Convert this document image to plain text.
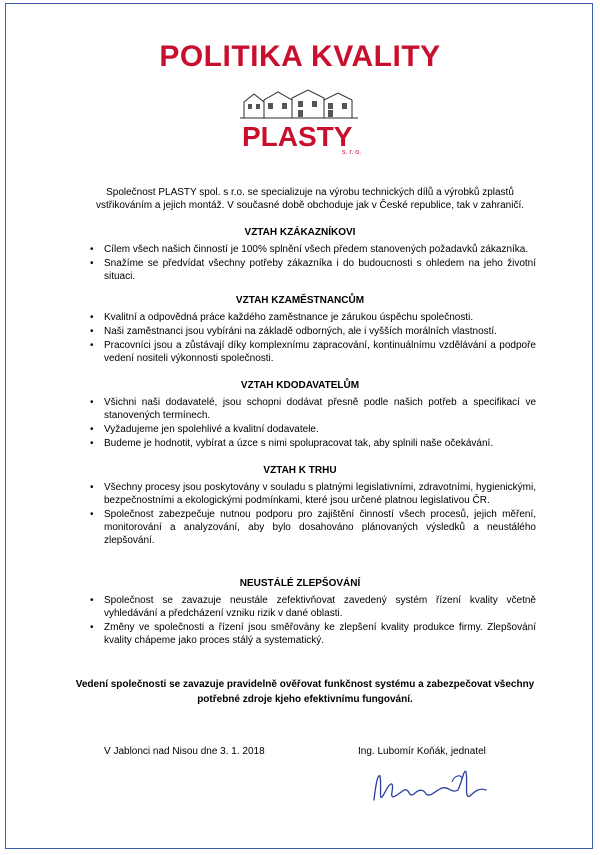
POLITIKA KVALITY
PLASTY
s. r. o.
Společnost PLASTY spol. s r.o. se specializuje na výrobu technických dílů a výrobků zplastů vstřikováním a jejich montáž. V současné době obchoduje jak v České republice, tak v zahraničí.
VZTAH KZÁKAZNÍKOVI
• Cílem všech našich činností je 100% splnění všech předem stanovených požadavků zákazníka.
• Snažíme se předvídat všechny potřeby zákazníka i do budoucnosti s ohledem na jeho životní situaci.
VZTAH KZAMĚSTNANCŮM
• Kvalitní a odpovědná práce každého zaměstnance je zárukou úspěchu společnosti.
• Naši zaměstnanci jsou vybíráni na základě odborných, ale i vyšších morálních vlastností.
• Pracovníci jsou a zůstávají díky komplexnímu zapracování, kontinuálnímu vzdělávání a podpoře vedení nositeli výkonnosti společnosti.
VZTAH KDODAVATELŮM
• Všichni naši dodavatelé, jsou schopni dodávat přesně podle našich potřeb a specifikací ve stanovených termínech.
• Vyžadujeme jen spolehlivé a kvalitní dodavatele.
• Budeme je hodnotit, vybírat a úzce s nimi spolupracovat tak, aby splnili naše očekávání.
VZTAH K TRHU
• Všechny procesy jsou poskytovány v souladu s platnými legislativními, zdravotními, hygienickými, bezpečnostními a ekologickými podmínkami, které jsou určené platnou legislativou ČR.
• Společnost zabezpečuje nutnou podporu pro zajištění činností všech procesů, jejich měření, monitorování a analyzování, aby bylo dosahováno plánovaných výsledků a neustálého zlepšování.
NEUSTÁLÉ ZLEPŠOVÁNÍ
• Společnost se zavazuje neustále zefektivňovat zavedený systém řízení kvality včetně vyhledávání a předcházení vzniku rizik v dané oblasti.
• Změny ve společnosti a řízení jsou směřovány ke zlepšení kvality produkce firmy. Zlepšování kvality chápeme jako proces stálý a systematický.
Vedení společnosti se zavazuje pravidelně ověřovat funkčnost systému a zabezpečovat všechny potřebné zdroje kjeho efektivnímu fungování.
V Jablonci nad Nisou dne 3. 1. 2018	Ing. Lubomír Koňák, jednatel
